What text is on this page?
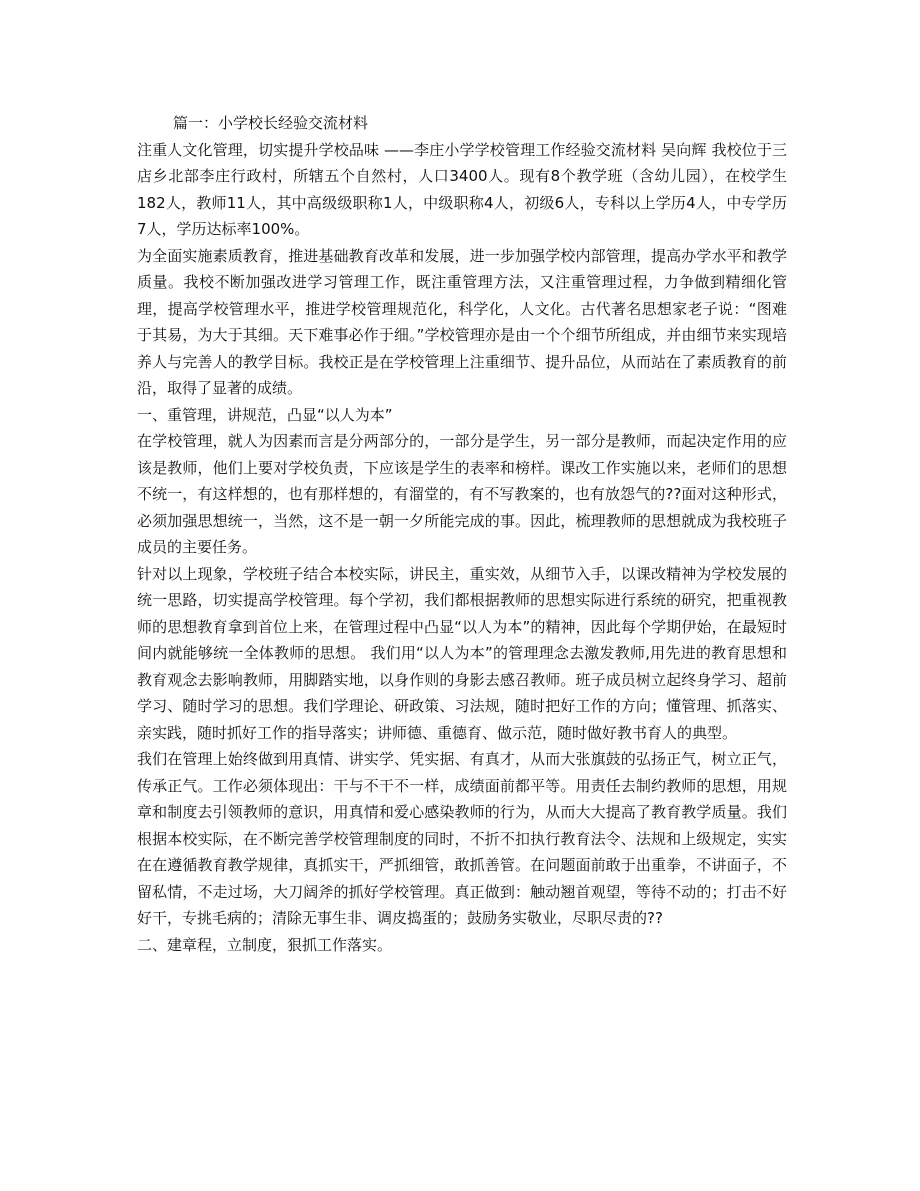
篇一：小学校长经验交流材料

注重人文化管理，切实提升学校品味 ——李庄小学学校管理工作经验交流材料 吴向辉 我校位于三店乡北部李庄行政村，所辖五个自然村，人口3400人。现有8个教学班（含幼儿园），在校学生182人，教师11人，其中高级级职称1人，中级职称4人，初级6人，专科以上学历4人，中专学历7人，学历达标率100%。

为全面实施素质教育，推进基础教育改革和发展，进一步加强学校内部管理，提高办学水平和教学质量。我校不断加强改进学习管理工作，既注重管理方法，又注重管理过程，力争做到精细化管理，提高学校管理水平，推进学校管理规范化，科学化，人文化。古代著名思想家老子说：“图难于其易，为大于其细。天下难事必作于细。”学校管理亦是由一个个细节所组成，并由细节来实现培养人与完善人的教学目标。我校正是在学校管理上注重细节、提升品位，从而站在了素质教育的前沿，取得了显著的成绩。

一、重管理，讲规范，凸显“以人为本”

在学校管理，就人为因素而言是分两部分的，一部分是学生，另一部分是教师，而起决定作用的应该是教师，他们上要对学校负责，下应该是学生的表率和榜样。课改工作实施以来，老师们的思想不统一，有这样想的，也有那样想的，有溜堂的，有不写教案的，也有放怨气的??面对这种形式，必须加强思想统一，当然，这不是一朝一夕所能完成的事。因此，梳理教师的思想就成为我校班子成员的主要任务。

针对以上现象，学校班子结合本校实际，讲民主，重实效，从细节入手，以课改精神为学校发展的统一思路，切实提高学校管理。每个学初，我们都根据教师的思想实际进行系统的研究，把重视教师的思想教育拿到首位上来，在管理过程中凸显“以人为本”的精神，因此每个学期伊始，在最短时间内就能够统一全体教师的思想。 我们用“以人为本”的管理理念去激发教师,用先进的教育思想和教育观念去影响教师，用脚踏实地，以身作则的身影去感召教师。班子成员树立起终身学习、超前学习、随时学习的思想。我们学理论、研政策、习法规，随时把好工作的方向；懂管理、抓落实、亲实践，随时抓好工作的指导落实；讲师德、重德育、做示范，随时做好教书育人的典型。

我们在管理上始终做到用真情、讲实学、凭实据、有真才，从而大张旗鼓的弘扬正气，树立正气，传承正气。工作必须体现出：干与不干不一样，成绩面前都平等。用责任去制约教师的思想，用规章和制度去引领教师的意识，用真情和爱心感染教师的行为，从而大大提高了教育教学质量。我们根据本校实际，在不断完善学校管理制度的同时，不折不扣执行教育法令、法规和上级规定，实实在在遵循教育教学规律，真抓实干，严抓细管，敢抓善管。在问题面前敢于出重拳，不讲面子，不留私情，不走过场，大刀阔斧的抓好学校管理。真正做到：触动翘首观望，等待不动的；打击不好好干，专挑毛病的；清除无事生非、调皮捣蛋的；鼓励务实敬业，尽职尽责的??

二、建章程，立制度，狠抓工作落实。
